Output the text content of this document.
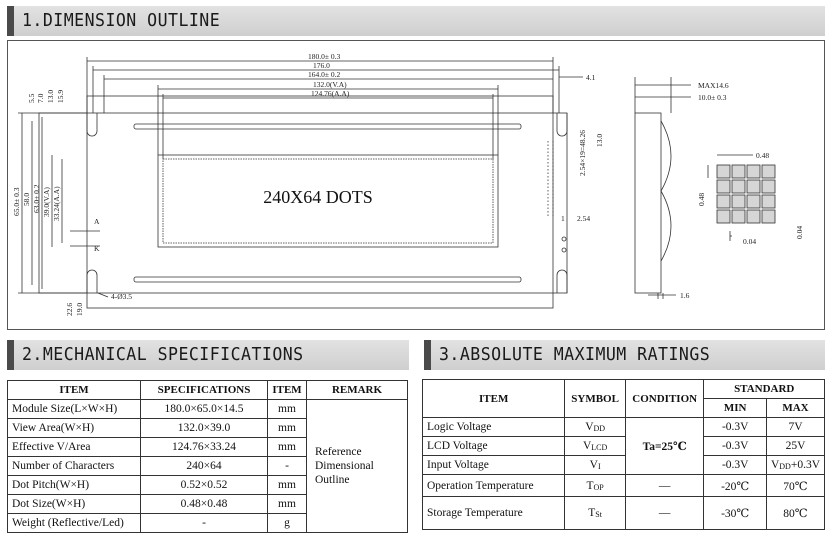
1.DIMENSION OUTLINE
240X64 DOTS
180.0± 0.3
176.0
164.0± 0.2
132.0(V.A)
124.76(A.A)
4.1
65.0± 0.3 58.0 63.0± 0.2 39.0(V.A) 33.24(A.A)
5.5 7.0 13.0 15.9
22.6 19.0
4-Ø3.5
A
K
2.54×19=48.26 13.0
2.54
1
MAX14.6
10.0± 0.3
1.6
0.48
0.48
0.04
0.04
2.MECHANICAL SPECIFICATIONS	3.ABSOLUTE MAXIMUM RATINGS
ITEM	SPECIFICATIONS	ITEM	REMARK
Module Size(L×W×H)	180.0×65.0×14.5	mm	Reference
Dimensional
Outline

View Area(W×H)	132.0×39.0	mm	
Effective V/Area	124.76×33.24	mm	
Number of Characters	240×64	-	
Dot Pitch(W×H)	0.52×0.52	mm	
Dot Size(W×H)	0.48×0.48	mm	
Weight (Reflective/Led)	-	g	
ITEM	SYMBOL	CONDITION	STANDARD	
			MIN	MAX
Logic Voltage	VDD	Ta=25℃	-0.3V	7V
LCD Voltage	VLCD		-0.3V	25V
Input Voltage	VI		-0.3V	VDD+0.3V
Operation Temperature	TOP	—	-20℃	70℃
Storage Temperature	TSt	—	-30℃	80℃
